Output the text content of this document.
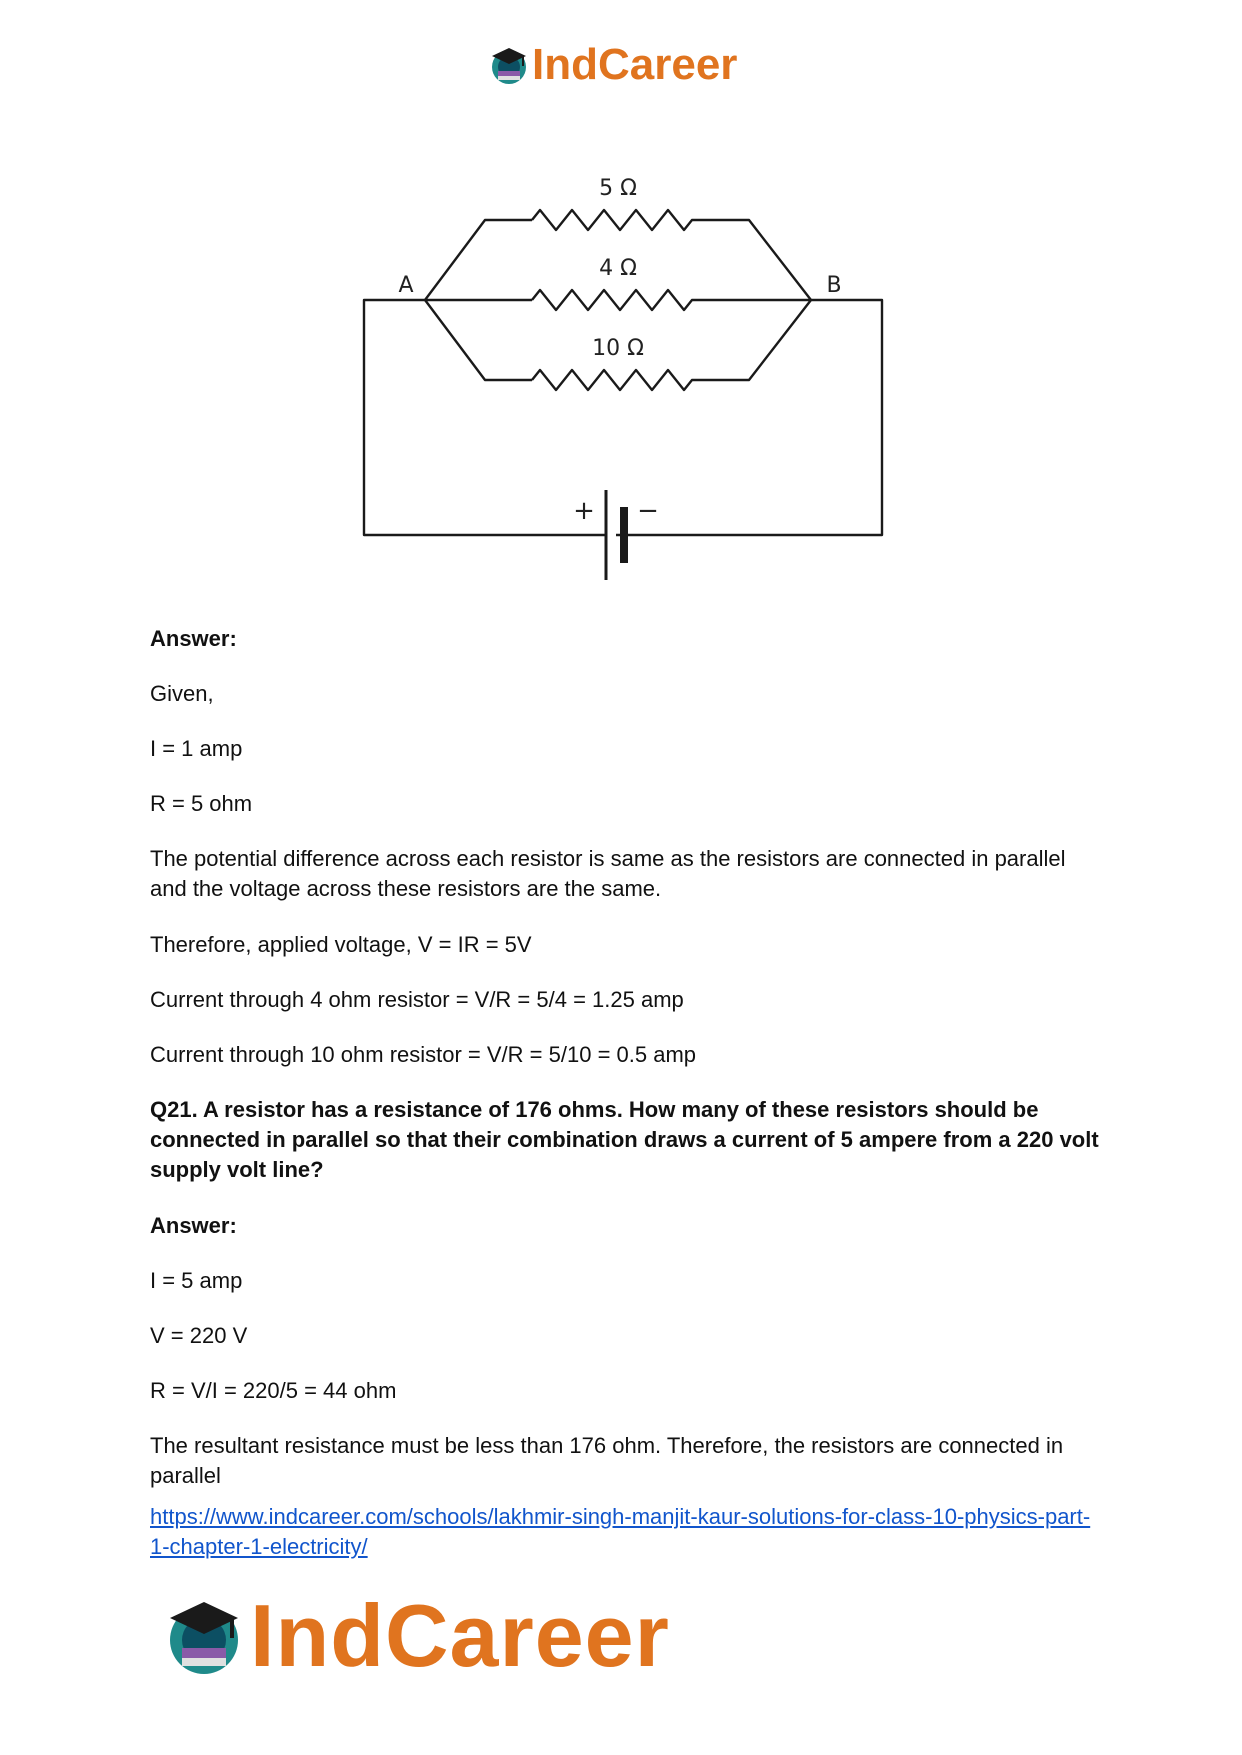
IndCareer
5 Ω
4 Ω
10 Ω
A	B
+ −

Answer:

Given,

I = 1 amp

R = 5 ohm

The potential difference across each resistor is same as the resistors are connected in parallel and the voltage across these resistors are the same.

Therefore, applied voltage, V = IR = 5V

Current through 4 ohm resistor = V/R = 5/4 = 1.25 amp

Current through 10 ohm resistor = V/R = 5/10 = 0.5 amp

Q21. A resistor has a resistance of 176 ohms. How many of these resistors should be connected in parallel so that their combination draws a current of 5 ampere from a 220 volt supply volt line?

Answer:

I = 5 amp

V = 220 V

R = V/I = 220/5 = 44 ohm

The resultant resistance must be less than 176 ohm. Therefore, the resistors are connected in parallel

https://www.indcareer.com/schools/lakhmir-singh-manjit-kaur-solutions-for-class-10-physics-part-1-chapter-1-electricity/
IndCareer
